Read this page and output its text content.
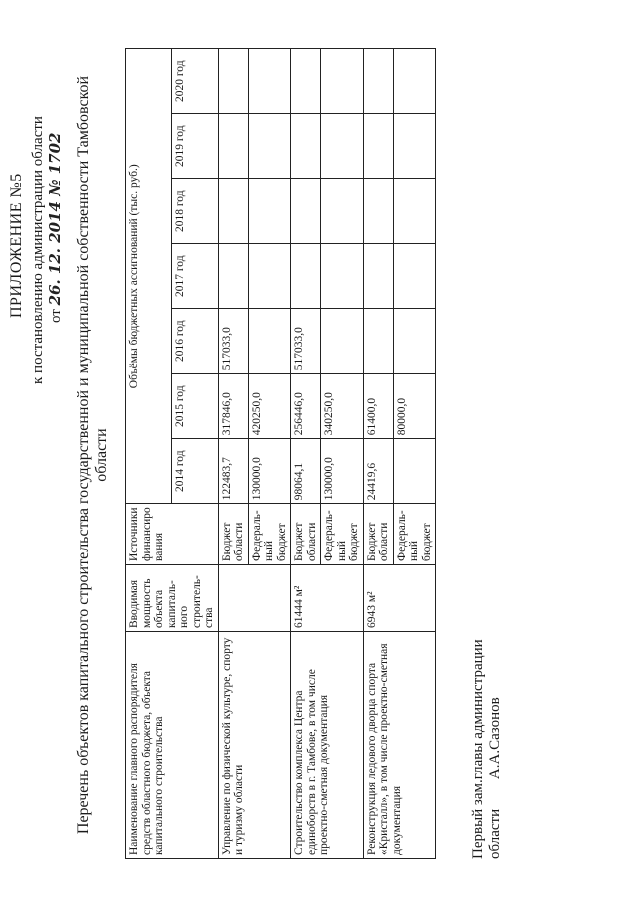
ПРИЛОЖЕНИЕ №5 к постановлению администрации области от 26. 12. 2014 № 1702 Перечень объектов капитального строительства государственной и муниципальной собственности Тамбовской области
Наименование главного распорядителя средств областного бюджета, объекта капитального строительства	Вводимая мощность объекта капиталь-ного строитель-ства	Источники финансиро вания	Объёмы бюджетных ассигнований (тыс. руб.)						
			2014 год	2015 год	2016 год	2017 год	2018 год	2019 год	2020 год
Управление по физической культуре, спорту и туризму области		Бюджет области	122483,7	317846,0	517033,0				
		Федераль-ный бюджет	130000,0	420250,0					
Строительство комплекса Центра единоборств в г. Тамбове, в том числе проектно-сметная документация	61444 м²	Бюджет области	98064,1	256446,0	517033,0				
		Федераль-ный бюджет	130000,0	340250,0					
Реконструкция ледового дворца спорта «Кристалл», в том числе проектно-сметная документация	6943 м²	Бюджет области	24419,6	61400,0					
		Федераль-ный бюджет		80000,0					
Первый зам.главы администрации области А.А.Сазонов
